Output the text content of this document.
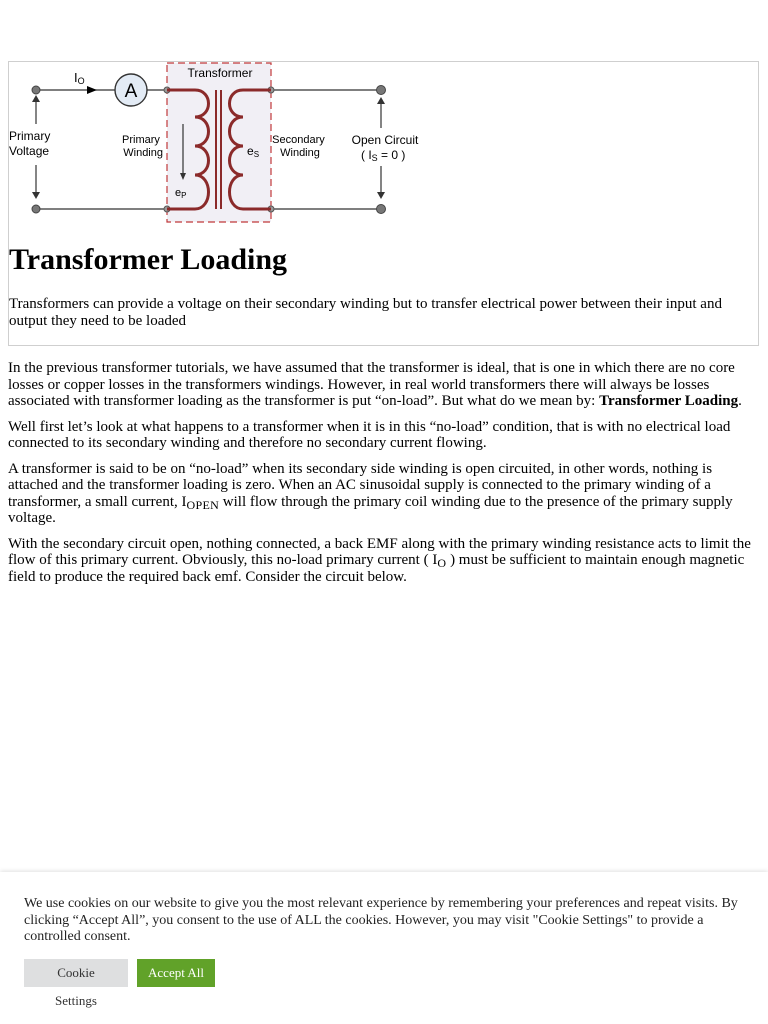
IO A
Transformer
Primary Voltage
Primary Winding
eP
eS
Secondary Winding
Open Circuit
( IS = 0 )
Transformer Loading

Transformers can provide a voltage on their secondary winding but to transfer electrical power between their input and output they need to be loaded

In the previous transformer tutorials, we have assumed that the transformer is ideal, that is one in which there are no core losses or copper losses in the transformers windings. However, in real world transformers there will always be losses associated with transformer loading as the transformer is put “on-load”. But what do we mean by: Transformer Loading.

Well first let’s look at what happens to a transformer when it is in this “no-load” condition, that is with no electrical load connected to its secondary winding and therefore no secondary current flowing.

A transformer is said to be on “no-load” when its secondary side winding is open circuited, in other words, nothing is attached and the transformer loading is zero. When an AC sinusoidal supply is connected to the primary winding of a transformer, a small current, $I_{OPEN}$ will flow through the primary coil winding due to the presence of the primary supply voltage.

With the secondary circuit open, nothing connected, a back EMF along with the primary winding resistance acts to limit the flow of this primary current. Obviously, this no-load primary current ( $I_O$ ) must be sufficient to maintain enough magnetic field to produce the required back emf. Consider the circuit below.

We use cookies on our website to give you the most relevant experience by remembering your preferences and repeat visits. By clicking “Accept All”, you consent to the use of ALL the cookies. However, you may visit "Cookie Settings" to provide a controlled consent.

Cookie Settings
Accept All
